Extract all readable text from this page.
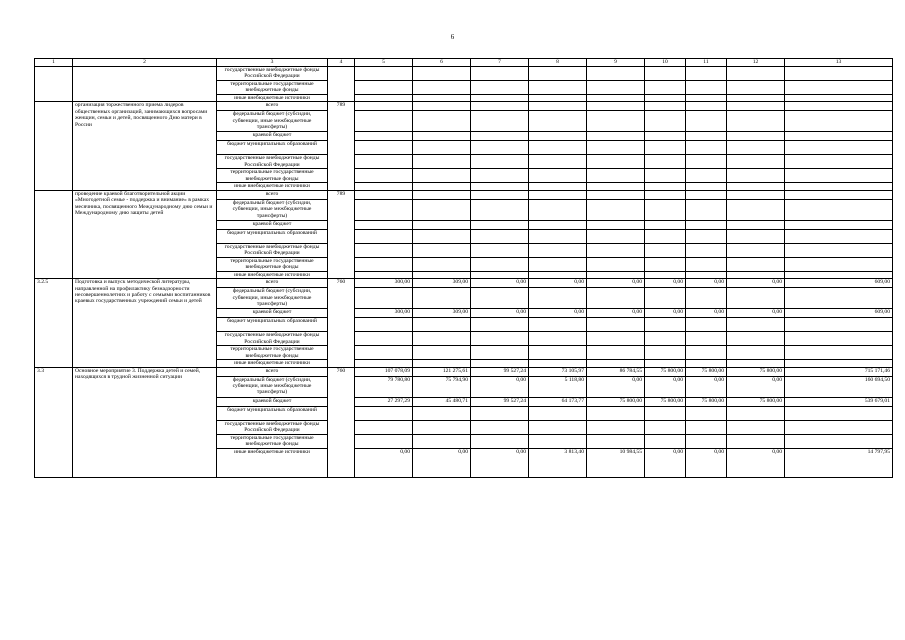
6
1	2	3	4	5	6	7	8	9	10	11	12	13
		государственные внебюджетные фонды Российской Федерации										
		территориальные государственные внебюджетные фонды										
		иные внебюджетные источники										
	организация торжественного приема лидеров общественных организаций, занимающихся вопросами женщин, семьи и детей, посвященного Дню матери в России	всего	789									
		федеральный бюджет (субсидии, субвенции, иные межбюджетные трансферты)										
		краевой бюджет										
		бюджет муниципальных образований										
		государственные внебюджетные фонды Российской Федерации										
		территориальные государственные внебюджетные фонды										
		иные внебюджетные источники										
	проведение краевой благотворительной акции «Многодетной семье - поддержка и внимание» в рамках месячника, посвященного Международному дню семьи и Международному дню защиты детей	всего	789									
		федеральный бюджет (субсидии, субвенции, иные межбюджетные трансферты)										
		краевой бюджет										
		бюджет муниципальных образований										
		государственные внебюджетные фонды Российской Федерации										
		территориальные государственные внебюджетные фонды										
		иные внебюджетные источники										
3.2.5	Подготовка и выпуск методической литературы, направленной на профилактику безнадзорности несовершеннолетних и работу с семьями воспитанников краевых государственных учреждений семьи и детей	всего	760	300,00	309,00	0,00	0,00	0,00	0,00	0,00	0,00	609,00
		федеральный бюджет (субсидии, субвенции, иные межбюджетные трансферты)										
		краевой бюджет		300,00	309,00	0,00	0,00	0,00	0,00	0,00	0,00	609,00
		бюджет муниципальных образований										
		государственные внебюджетные фонды Российской Федерации										
		территориальные государственные внебюджетные фонды										
		иные внебюджетные источники										
3.3	Основное мероприятие 3. Поддержка детей и семей, находящихся в трудной жизненной ситуации	всего	760	107 078,09	121 275,61	99 527,24	73 105,97	86 784,55	75 800,00	75 800,00	75 800,00	715 171,46
		федеральный бюджет (субсидии, субвенции, иные межбюджетные трансферты)		79 780,80	75 794,90	0,00	5 118,80	0,00	0,00	0,00	0,00	160 694,50
		краевой бюджет		27 297,29	45 480,71	99 527,24	64 173,77	75 800,00	75 800,00	75 800,00	75 800,00	539 679,01
		бюджет муниципальных образований										
		государственные внебюджетные фонды Российской Федерации										
		территориальные государственные внебюджетные фонды										
		иные внебюджетные источники		0,00	0,00	0,00	3 813,40	10 984,55	0,00	0,00	0,00	14 797,95
